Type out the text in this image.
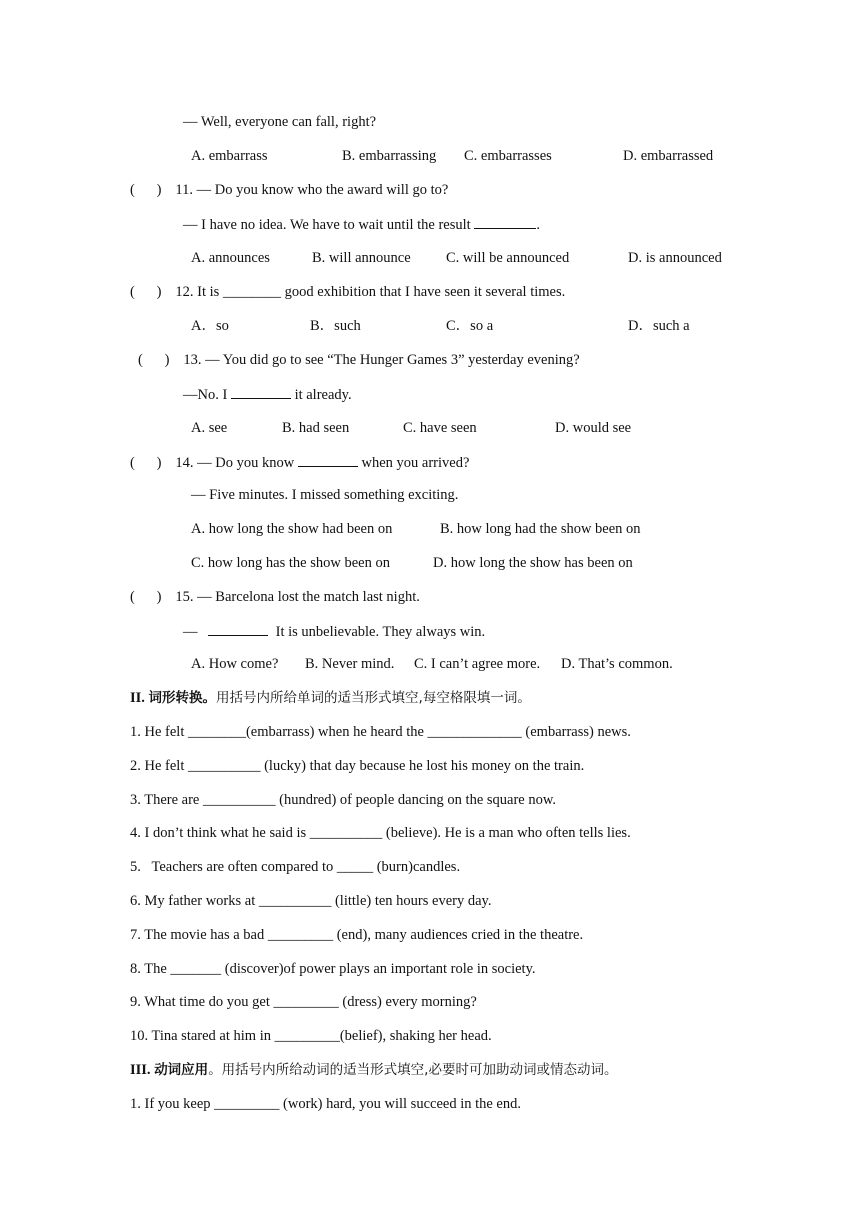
— Well, everyone can fall, right?
A. embarrass	B. embarrassing C. embarrasses	D. embarrassed
(      ) 11. — Do you know who the award will go to?
— I have no idea. We have to wait until the result	.
A. announces	B. will announce C. will be announced	D. is announced
(      ) 12. It is ________ good exhibition that I have seen it several times.
A．so	B．such	C．so a	D．such a
(      ) 13. — You did go to see “The Hunger Games 3” yesterday evening?
—No. I	it already.
A. see	B. had seen	C. have seen	D. would see
(      ) 14. — Do you know	when you arrived?
— Five minutes. I missed something exciting.
A. how long the show had been on	B. how long had the show been on
C. how long has the show been on	D. how long the show has been on
(      ) 15. — Barcelona lost the match last night.
—	It is unbelievable. They always win.
A. How come? B. Never mind. C. I can’t agree more. D. That’s common.
II. 词形转换。用括号内所给单词的适当形式填空,每空格限填一词。
1. He felt ________(embarrass) when he heard the _____________ (embarrass) news.
2. He felt __________ (lucky) that day because he lost his money on the train.
3. There are __________ (hundred) of people dancing on the square now.
4. I don’t think what he said is __________ (believe). He is a man who often tells lies.
5.   Teachers are often compared to _____ (burn)candles.
6. My father works at __________ (little) ten hours every day.
7. The movie has a bad _________ (end), many audiences cried in the theatre.
8. The _______ (discover)of power plays an important role in society.
9. What time do you get _________ (dress) every morning?
10. Tina stared at him in _________(belief), shaking her head.
III. 动词应用。用括号内所给动词的适当形式填空,必要时可加助动词或情态动词。
1. If you keep _________ (work) hard, you will succeed in the end.
